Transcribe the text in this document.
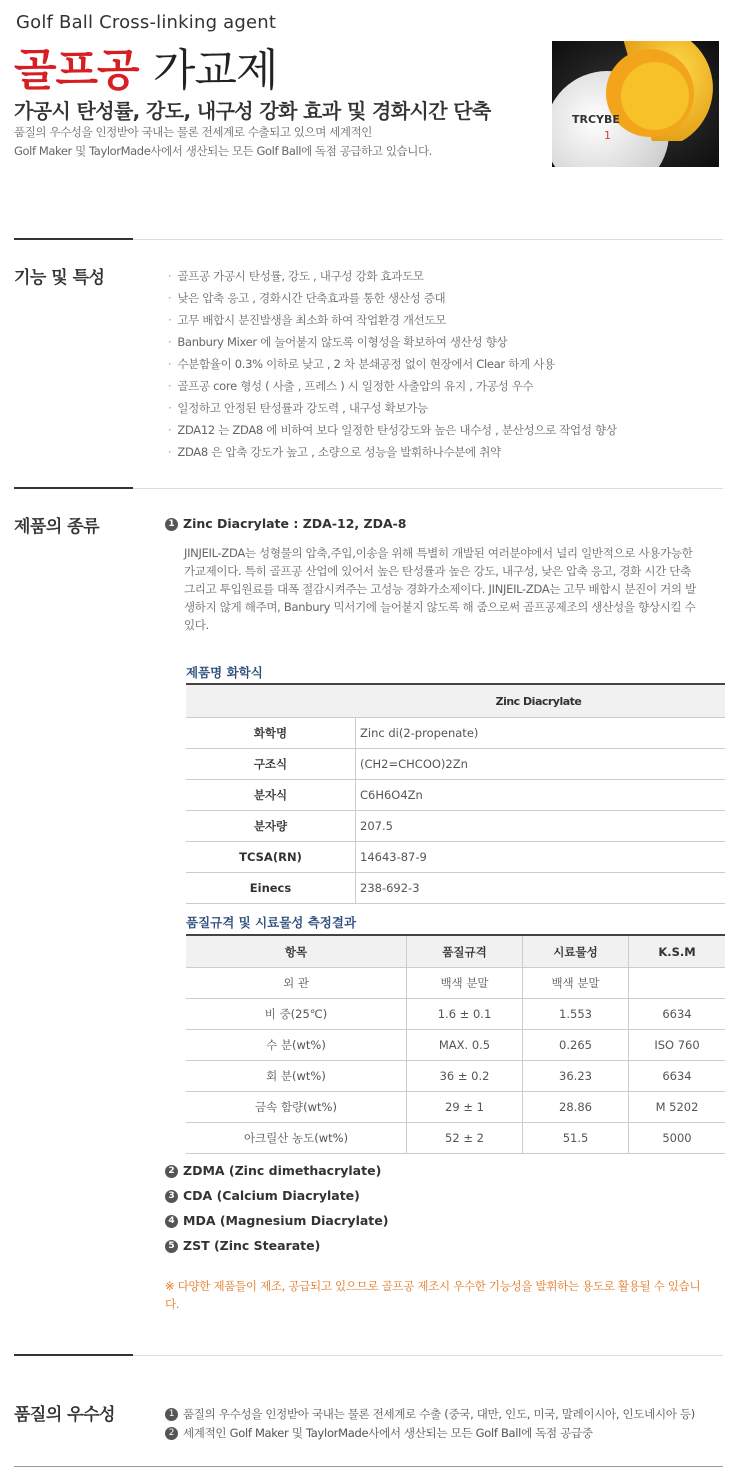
Golf Ball Cross-linking agent
골프공 가교제
가공시 탄성률, 강도, 내구성 강화 효과 및 경화시간 단축
품질의 우수성을 인정받아 국내는 물론 전세계로 수출되고 있으며 세계적인
Golf Maker 및 TaylorMade사에서 생산되는 모든 Golf Ball에 독점 공급하고 있습니다.
ТRCYBE
1
기능 및 특성	· 골프공 가공시 탄성률, 강도 , 내구성 강화 효과도모
· 낮은 압축 응고 , 경화시간 단축효과를 통한 생산성 증대
· 고무 배합시 분진발생을 최소화 하여 작업환경 개선도모
· Banbury Mixer 에 눌어붙지 않도록 이형성을 확보하여 생산성 향상
· 수분함율이 0.3% 이하로 낮고 , 2 차 분쇄공정 없이 현장에서 Clear 하게 사용
· 골프공 core 형성 ( 사출 , 프레스 ) 시 일정한 사출압의 유지 , 가공성 우수
· 일정하고 안정된 탄성률과 강도력 , 내구성 확보가능
· ZDA12 는 ZDA8 에 비하여 보다 일정한 탄성강도와 높은 내수성 , 분산성으로 작업성 향상
· ZDA8 은 압축 강도가 높고 , 소량으로 성능을 발휘하나수분에 취약
제품의 종류	1 Zinc Diacrylate : ZDA-12, ZDA-8
JINJEIL-ZDA는 성형물의 압축,주입,이송을 위해 특별히 개발된 여러분야에서 널리 일반적으로 사용가능한
가교제이다. 특히 골프공 산업에 있어서 높은 탄성률과 높은 강도, 내구성, 낮은 압축 응고, 경화 시간 단축
그리고 투입원료를 대폭 절감시켜주는 고성능 경화가소제이다. JINJEIL-ZDA는 고무 배합시 분진이 거의 발
생하지 않게 해주며, Banbury 믹서기에 늘어붙지 않도록 해 줌으로써 골프공제조의 생산성을 향상시킬 수
있다.
제품명 화학식
Zinc Diacrylate	
화학명	Zinc di(2-propenate)
구조식	(CH2=CHCOO)2Zn
분자식	C6H6O4Zn
분자량	207.5
TCSA(RN)	14643-87-9
Einecs	238-692-3
품질규격 및 시료물성 측정결과
항목	품질규격	시료물성	K.S.M
외 관	백색 분말	백색 분말	
비 중(25℃)	1.6 ± 0.1	1.553	6634
수 분(wt%)	MAX. 0.5	0.265	ISO 760
회 분(wt%)	36 ± 0.2	36.23	6634
금속 함량(wt%)	29 ± 1	28.86	M 5202
아크릴산 농도(wt%)	52 ± 2	51.5	5000
2 ZDMA (Zinc dimethacrylate)
3 CDA (Calcium Diacrylate)
4 MDA (Magnesium Diacrylate)
5 ZST (Zinc Stearate)
※ 다양한 제품들이 제조, 공급되고 있으므로 골프공 제조시 우수한 기능성을 발휘하는 용도로 활용될 수 있습니
다.
품질의 우수성	1 품질의 우수성을 인정받아 국내는 물론 전세계로 수출 (중국, 대만, 인도, 미국, 말레이시아, 인도네시아 등)
2 세계적인 Golf Maker 및 TaylorMade사에서 생산되는 모든 Golf Ball에 독점 공급중
